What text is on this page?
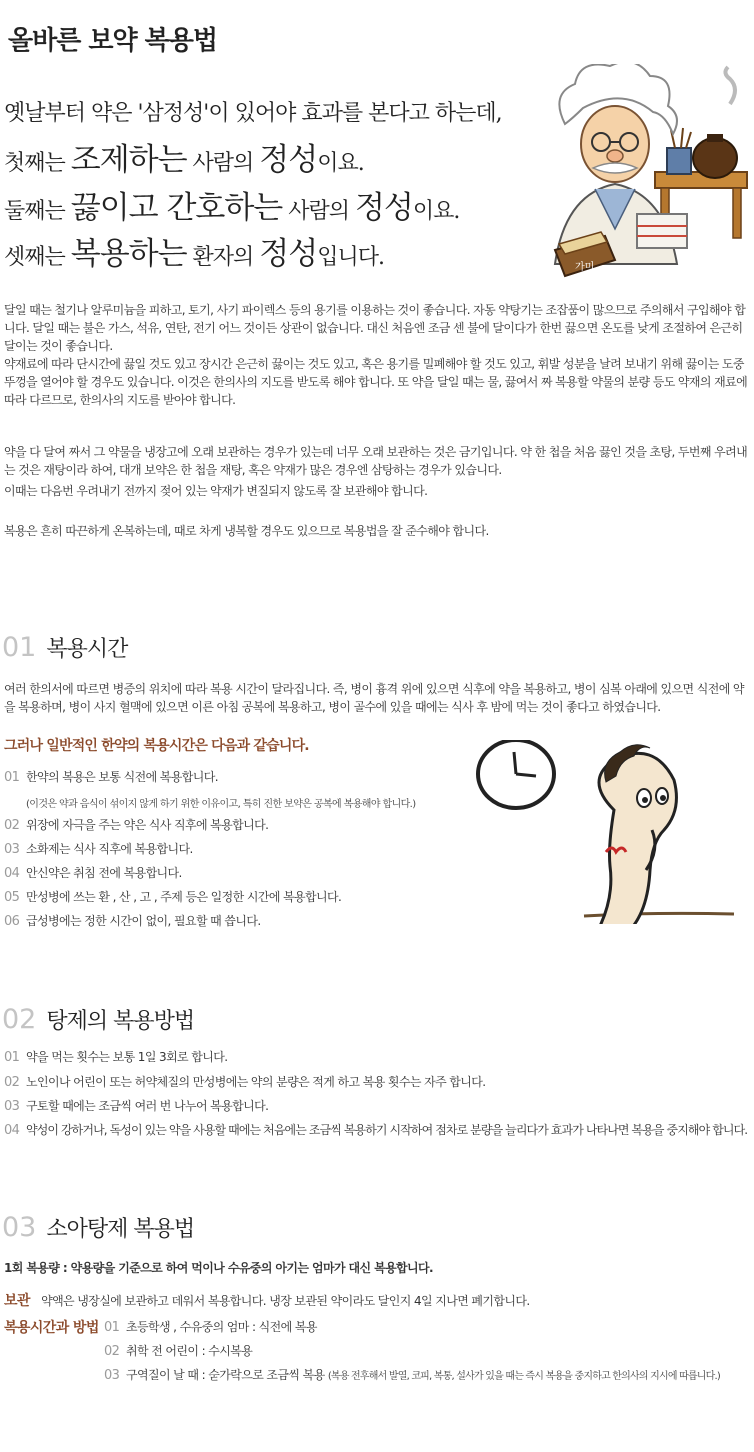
올바른 보약 복용법
옛날부터 약은 '삼정성'이 있어야 효과를 본다고 하는데,
첫째는 조제하는 사람의 정성이요.
둘째는 끓이고 간호하는 사람의 정성이요.
셋째는 복용하는 환자의 정성입니다.	가미
달일 때는 철기나 알루미늄을 피하고, 토기, 사기 파이렉스 등의 용기를 이용하는 것이 좋습니다. 자동 약탕기는 조잡품이 많으므로 주의해서 구입해야 합니다. 달일 때는 불은 가스, 석유, 연탄, 전기 어느 것이든 상관이 없습니다. 대신 처음엔 조금 센 불에 달이다가 한번 끓으면 온도를 낮게 조절하여 은근히 달이는 것이 좋습니다.
약재료에 따라 단시간에 끓일 것도 있고 장시간 은근히 끓이는 것도 있고, 혹은 용기를 밀폐해야 할 것도 있고, 휘발 성분을 날려 보내기 위해 끓이는 도중 뚜껑을 열어야 할 경우도 있습니다. 이것은 한의사의 지도를 받도록 해야 합니다. 또 약을 달일 때는 물, 끓여서 짜 복용할 약물의 분량 등도 약재의 재료에 따라 다르므로, 한의사의 지도를 받아야 합니다.
약을 다 달여 짜서 그 약물을 냉장고에 오래 보관하는 경우가 있는데 너무 오래 보관하는 것은 금기입니다. 약 한 첩을 처음 끓인 것을 초탕, 두번째 우려내는 것은 재탕이라 하여, 대개 보약은 한 첩을 재탕, 혹은 약재가 많은 경우엔 삼탕하는 경우가 있습니다.
이때는 다음번 우려내기 전까지 젖어 있는 약재가 변질되지 않도록 잘 보관해야 합니다.
복용은 흔히 따끈하게 온복하는데, 때로 차게 냉복할 경우도 있으므로 복용법을 잘 준수해야 합니다.
01 복용시간
여러 한의서에 따르면 병증의 위치에 따라 복용 시간이 달라집니다. 즉, 병이 흉격 위에 있으면 식후에 약을 복용하고, 병이 심복 아래에 있으면 식전에 약을 복용하며, 병이 사지 혈맥에 있으면 이른 아침 공복에 복용하고, 병이 골수에 있을 때에는 식사 후 밤에 먹는 것이 좋다고 하였습니다.
그러나 일반적인 한약의 복용시간은 다음과 같습니다.
01 한약의 복용은 보통 식전에 복용합니다.
(이것은 약과 음식이 섞이지 않게 하기 위한 이유이고, 특히 진한 보약은 공복에 복용해야 합니다.)
02 위장에 자극을 주는 약은 식사 직후에 복용합니다.
03 소화제는 식사 직후에 복용합니다.
04 안신약은 취침 전에 복용합니다.
05 만성병에 쓰는 환 , 산 , 고 , 주제 등은 일정한 시간에 복용합니다.
06 급성병에는 정한 시간이 없이, 필요할 때 씁니다.
02 탕제의 복용방법
01 약을 먹는 횟수는 보통 1일 3회로 합니다.
02 노인이나 어린이 또는 허약체질의 만성병에는 약의 분량은 적게 하고 복용 횟수는 자주 합니다.
03 구토할 때에는 조금씩 여러 번 나누어 복용합니다.
04 약성이 강하거나, 독성이 있는 약을 사용할 때에는 처음에는 조금씩 복용하기 시작하여 점차로 분량을 늘리다가 효과가 나타나면 복용을 중지해야 합니다.
03 소아탕제 복용법
1회 복용량 : 약용량을 기준으로 하여 먹이나 수유중의 아기는 엄마가 대신 복용합니다.
보관 약액은 냉장실에 보관하고 데워서 복용합니다. 냉장 보관된 약이라도 달인지 4일 지나면 폐기합니다.
복용시간과 방법 01 초등학생 , 수유중의 엄마 : 식전에 복용
02 취학 전 어린이 : 수시복용
03 구역질이 날 때 : 숟가락으로 조금씩 복용 (복용 전후해서 발열, 코피, 복통, 설사가 있을 때는 즉시 복용을 중지하고 한의사의 지시에 따릅니다.)
